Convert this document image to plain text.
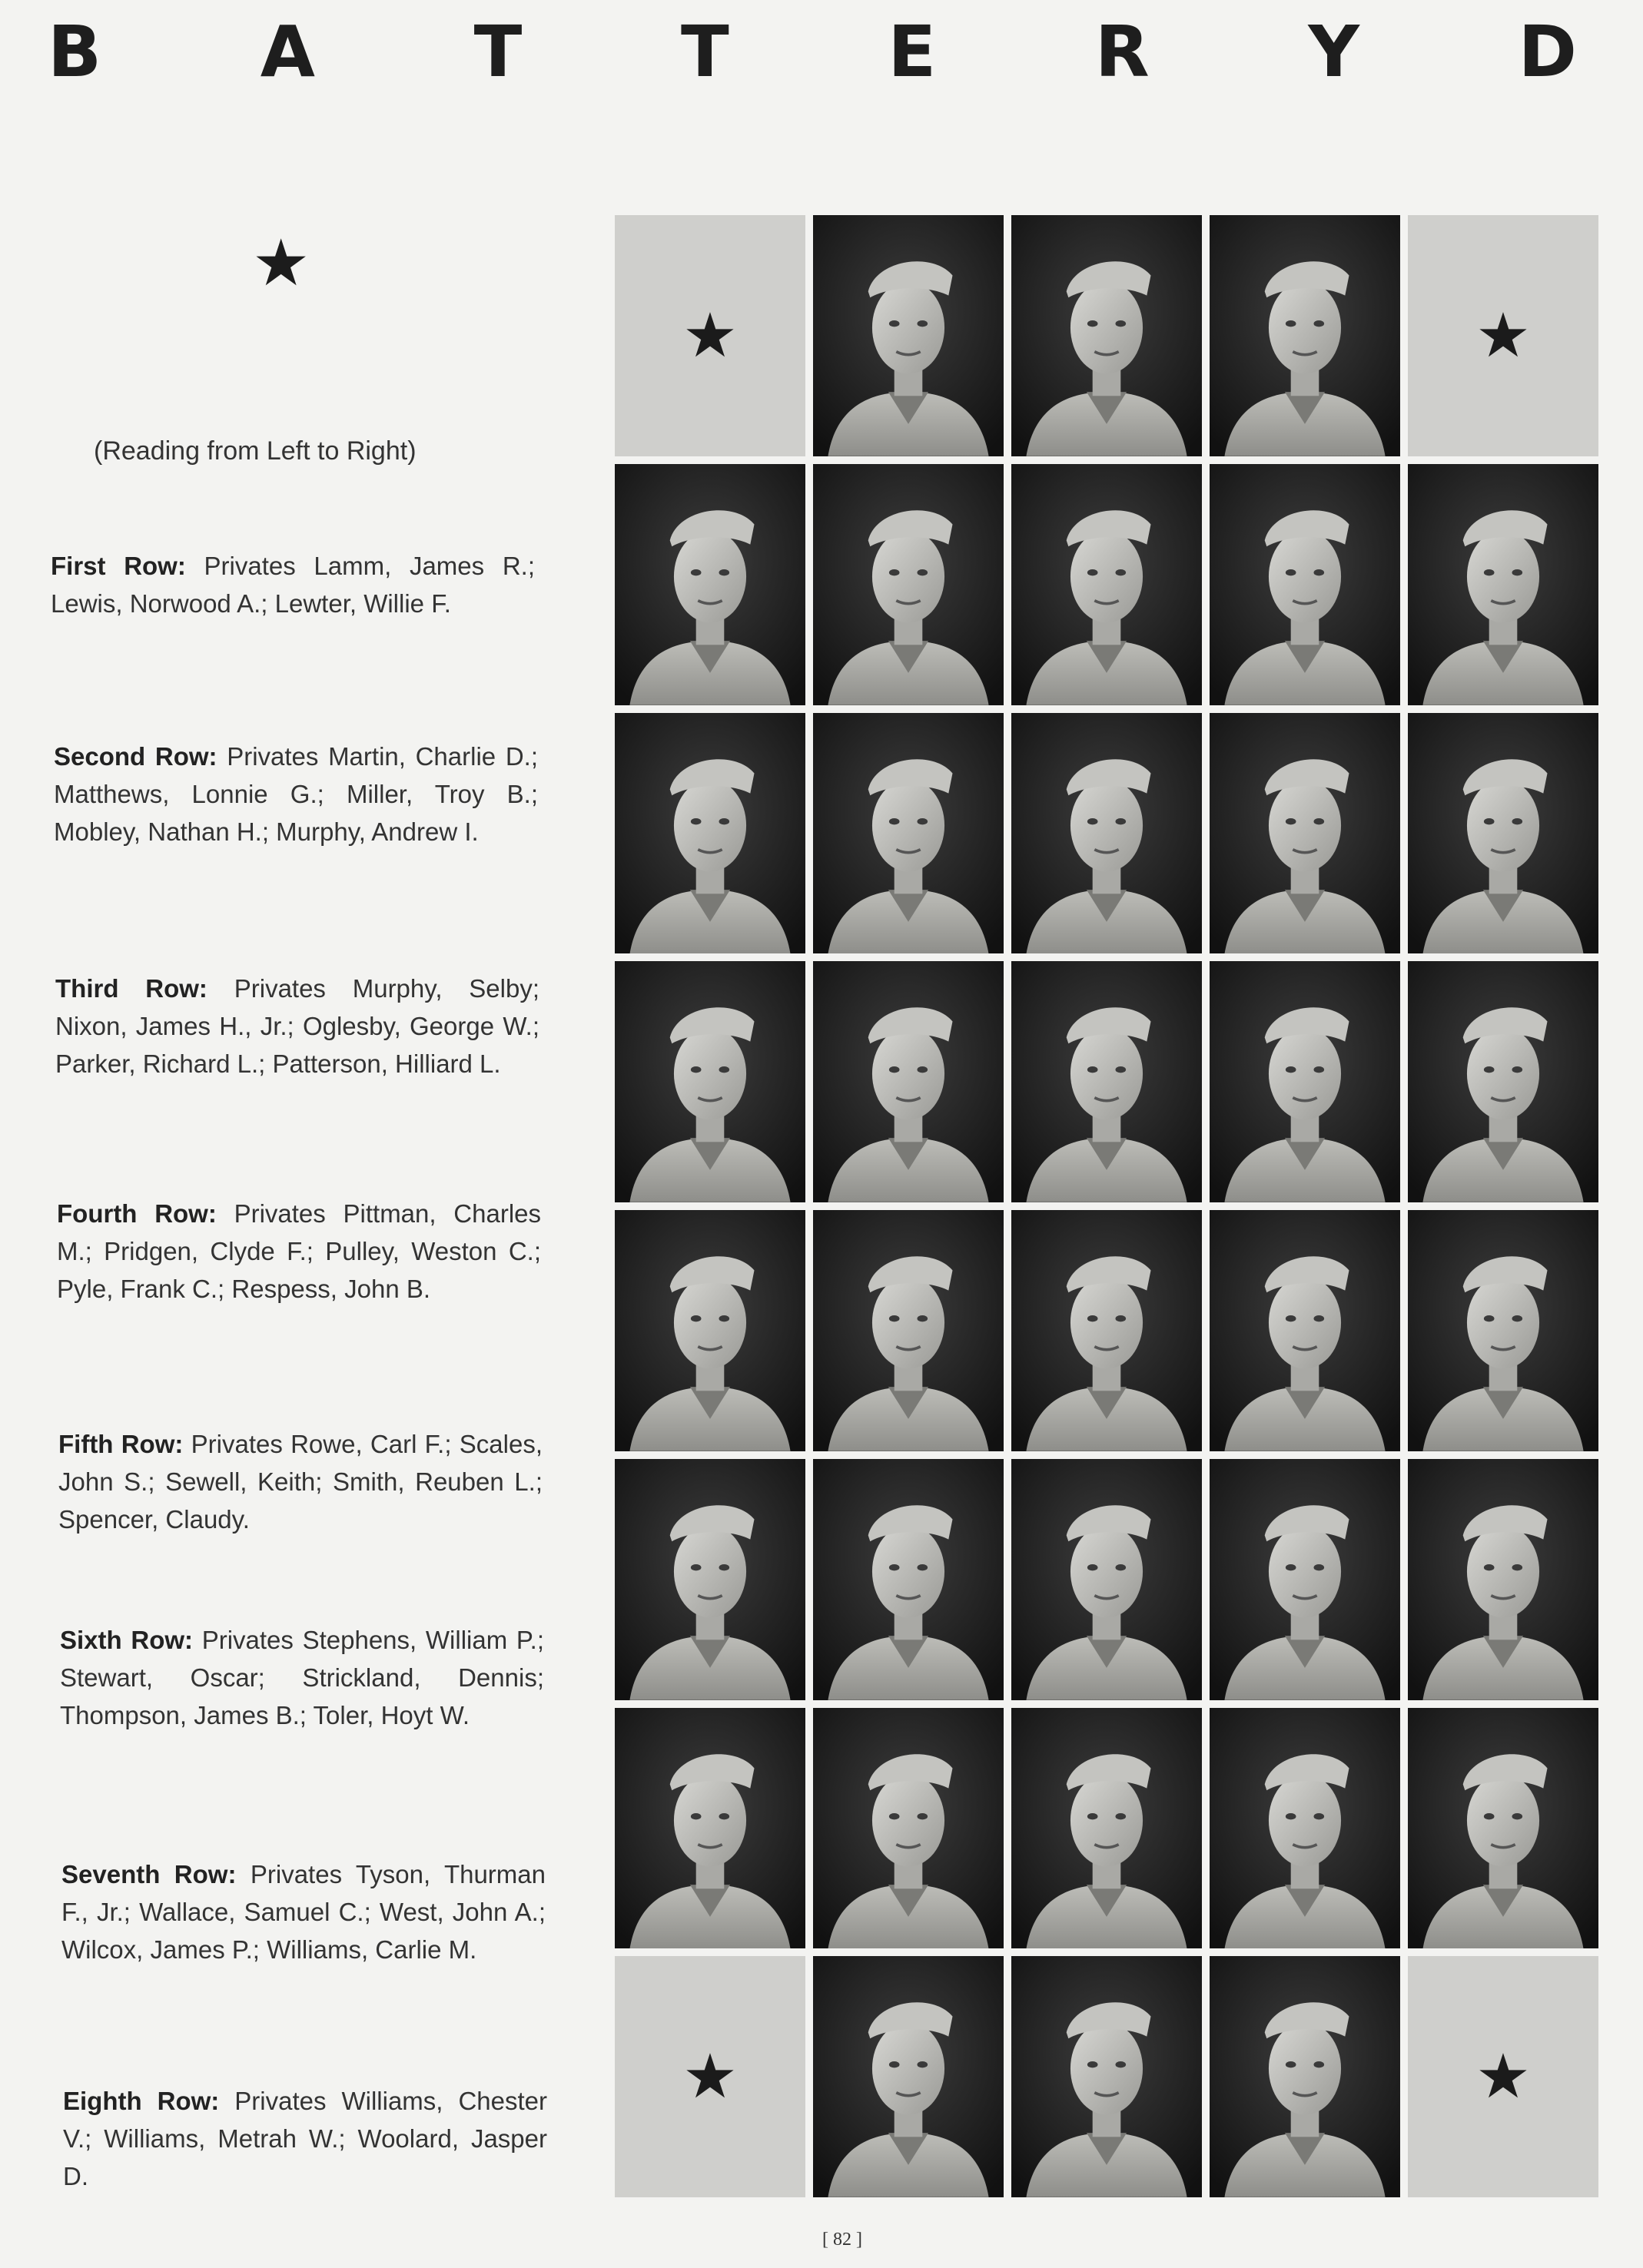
B A T T E R Y D
★
(Reading from Left to Right)
First Row: Privates Lamm, James R.; Lewis, Norwood A.; Lewter, Willie F.
Second Row: Privates Martin, Charlie D.; Matthews, Lonnie G.; Miller, Troy B.; Mobley, Nathan H.; Murphy, Andrew I.
Third Row: Privates Murphy, Selby; Nixon, James H., Jr.; Oglesby, George W.; Parker, Richard L.; Patterson, Hilliard L.
Fourth Row: Privates Pittman, Charles M.; Pridgen, Clyde F.; Pulley, Weston C.; Pyle, Frank C.; Respess, John B.
Fifth Row: Privates Rowe, Carl F.; Scales, John S.; Sewell, Keith; Smith, Reuben L.; Spencer, Claudy.
Sixth Row: Privates Stephens, William P.; Stewart, Oscar; Strickland, Dennis; Thompson, James B.; Toler, Hoyt W.
Seventh Row: Privates Tyson, Thurman F., Jr.; Wallace, Samuel C.; West, John A.; Wilcox, James P.; Williams, Carlie M.
Eighth Row: Privates Williams, Chester V.; Williams, Metrah W.; Woolard, Jasper D.
★	★
★	★
[ 82 ]
